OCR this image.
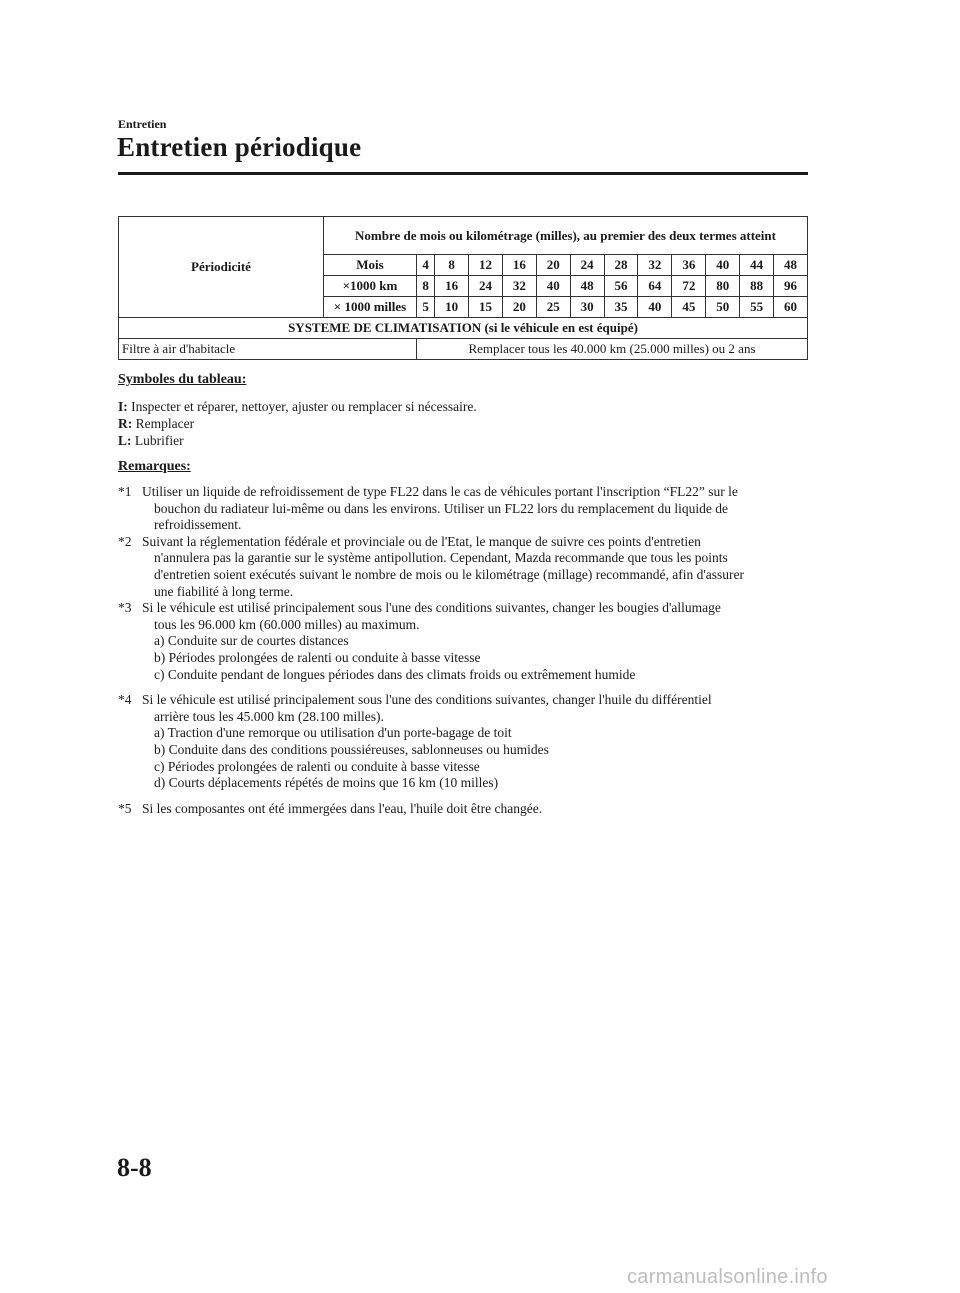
Entretien
Entretien périodique
Périodicité	Nombre de mois ou kilométrage (milles), au premier des deux termes atteint												
	Mois	4	8	12	16	20	24	28	32	36	40	44	48
	×1000 km	8	16	24	32	40	48	56	64	72	80	88	96
	× 1000 milles	5	10	15	20	25	30	35	40	45	50	55	60
SYSTEME DE CLIMATISATION (si le véhicule en est équipé)													
Filtre à air d'habitacle		Remplacer tous les 40.000 km (25.000 milles) ou 2 ans											
Symboles du tableau:
I: Inspecter et réparer, nettoyer, ajuster ou remplacer si nécessaire.
R: Remplacer
L: Lubrifier
Remarques:
*1 Utiliser un liquide de refroidissement de type FL22 dans le cas de véhicules portant l'inscription “FL22” sur le
bouchon du radiateur lui-même ou dans les environs. Utiliser un FL22 lors du remplacement du liquide de
refroidissement.
*2 Suivant la réglementation fédérale et provinciale ou de l'Etat, le manque de suivre ces points d'entretien
n'annulera pas la garantie sur le système antipollution. Cependant, Mazda recommande que tous les points
d'entretien soient exécutés suivant le nombre de mois ou le kilométrage (millage) recommandé, afin d'assurer
une fiabilité à long terme.
*3 Si le véhicule est utilisé principalement sous l'une des conditions suivantes, changer les bougies d'allumage
tous les 96.000 km (60.000 milles) au maximum.
a) Conduite sur de courtes distances
b) Périodes prolongées de ralenti ou conduite à basse vitesse
c) Conduite pendant de longues périodes dans des climats froids ou extrêmement humide
*4 Si le véhicule est utilisé principalement sous l'une des conditions suivantes, changer l'huile du différentiel
arrière tous les 45.000 km (28.100 milles).
a) Traction d'une remorque ou utilisation d'un porte-bagage de toit
b) Conduite dans des conditions poussiéreuses, sablonneuses ou humides
c) Périodes prolongées de ralenti ou conduite à basse vitesse
d) Courts déplacements répétés de moins que 16 km (10 milles)
*5 Si les composantes ont été immergées dans l'eau, l'huile doit être changée.
8-8
carmanualsonline.info
